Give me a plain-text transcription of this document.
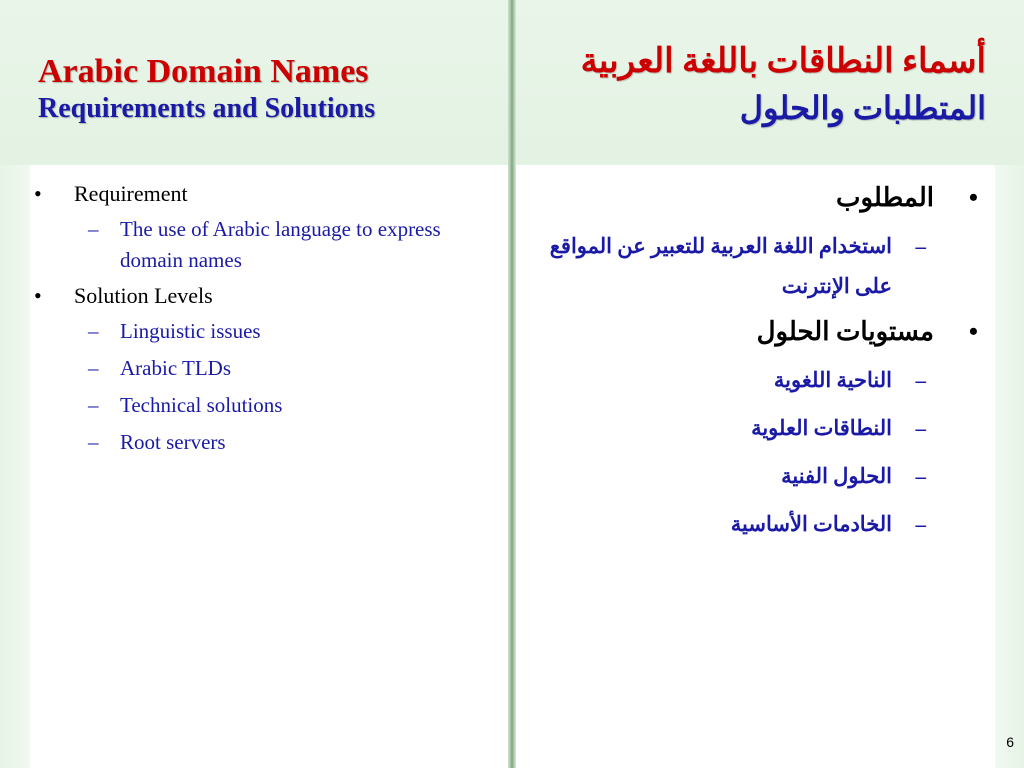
Arabic Domain Names
Requirements and Solutions
أسماء النطاقات باللغة العربية
المتطلبات والحلول
• Requirement
– The use of Arabic language to express domain names
• Solution Levels
– Linguistic issues
– Arabic TLDs
– Technical solutions
– Root servers
• المطلوب
– استخدام اللغة العربية للتعبير عن المواقع على الإنترنت
• مستويات الحلول
– الناحية اللغوية
– النطاقات العلوية
– الحلول الفنية
– الخادمات الأساسية
6
